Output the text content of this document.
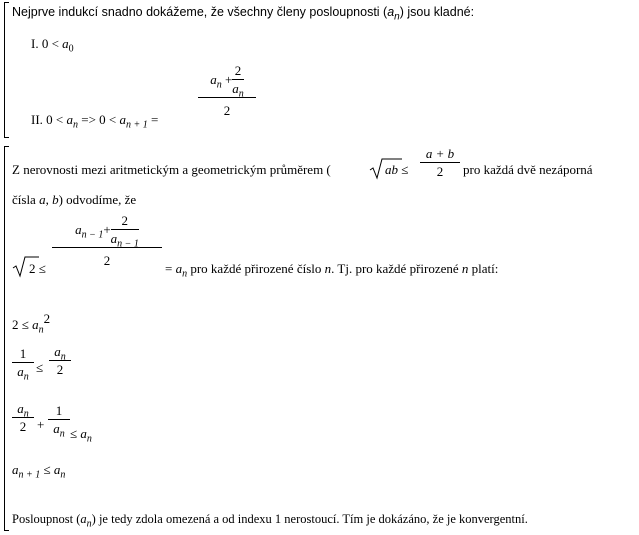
Nejprve indukcí snadno dokážeme, že všechny členy posloupnosti $(a_n)$ jsou kladné:
I. $0 < a_0$
II. $0 < a_n => 0 < a_{n + 1}$ =
$a_n$ +
2
$a_n$
2
Z nerovnosti mezi aritmetickým a geometrickým průměrem (	ab ≤
a + b
2 pro každá dvě nezáporná
čísla a, b) odvodíme, že
2 ≤
$a_{n - 1}+$
2
$a_{n - 1}$
2
= $a_n$ pro každé přirozené číslo n. Tj. pro každé přirozené n platí:
$2 \le a_n2$
1
$a_n$
≤
$a_n$
2
$a_n$
2 +
1
$a_n \le a_n$
$a_{n + 1} \le a_n$
Posloupnost $(a_n)$ je tedy zdola omezená a od indexu 1 nerostoucí. Tím je dokázáno, že je konvergentní.
